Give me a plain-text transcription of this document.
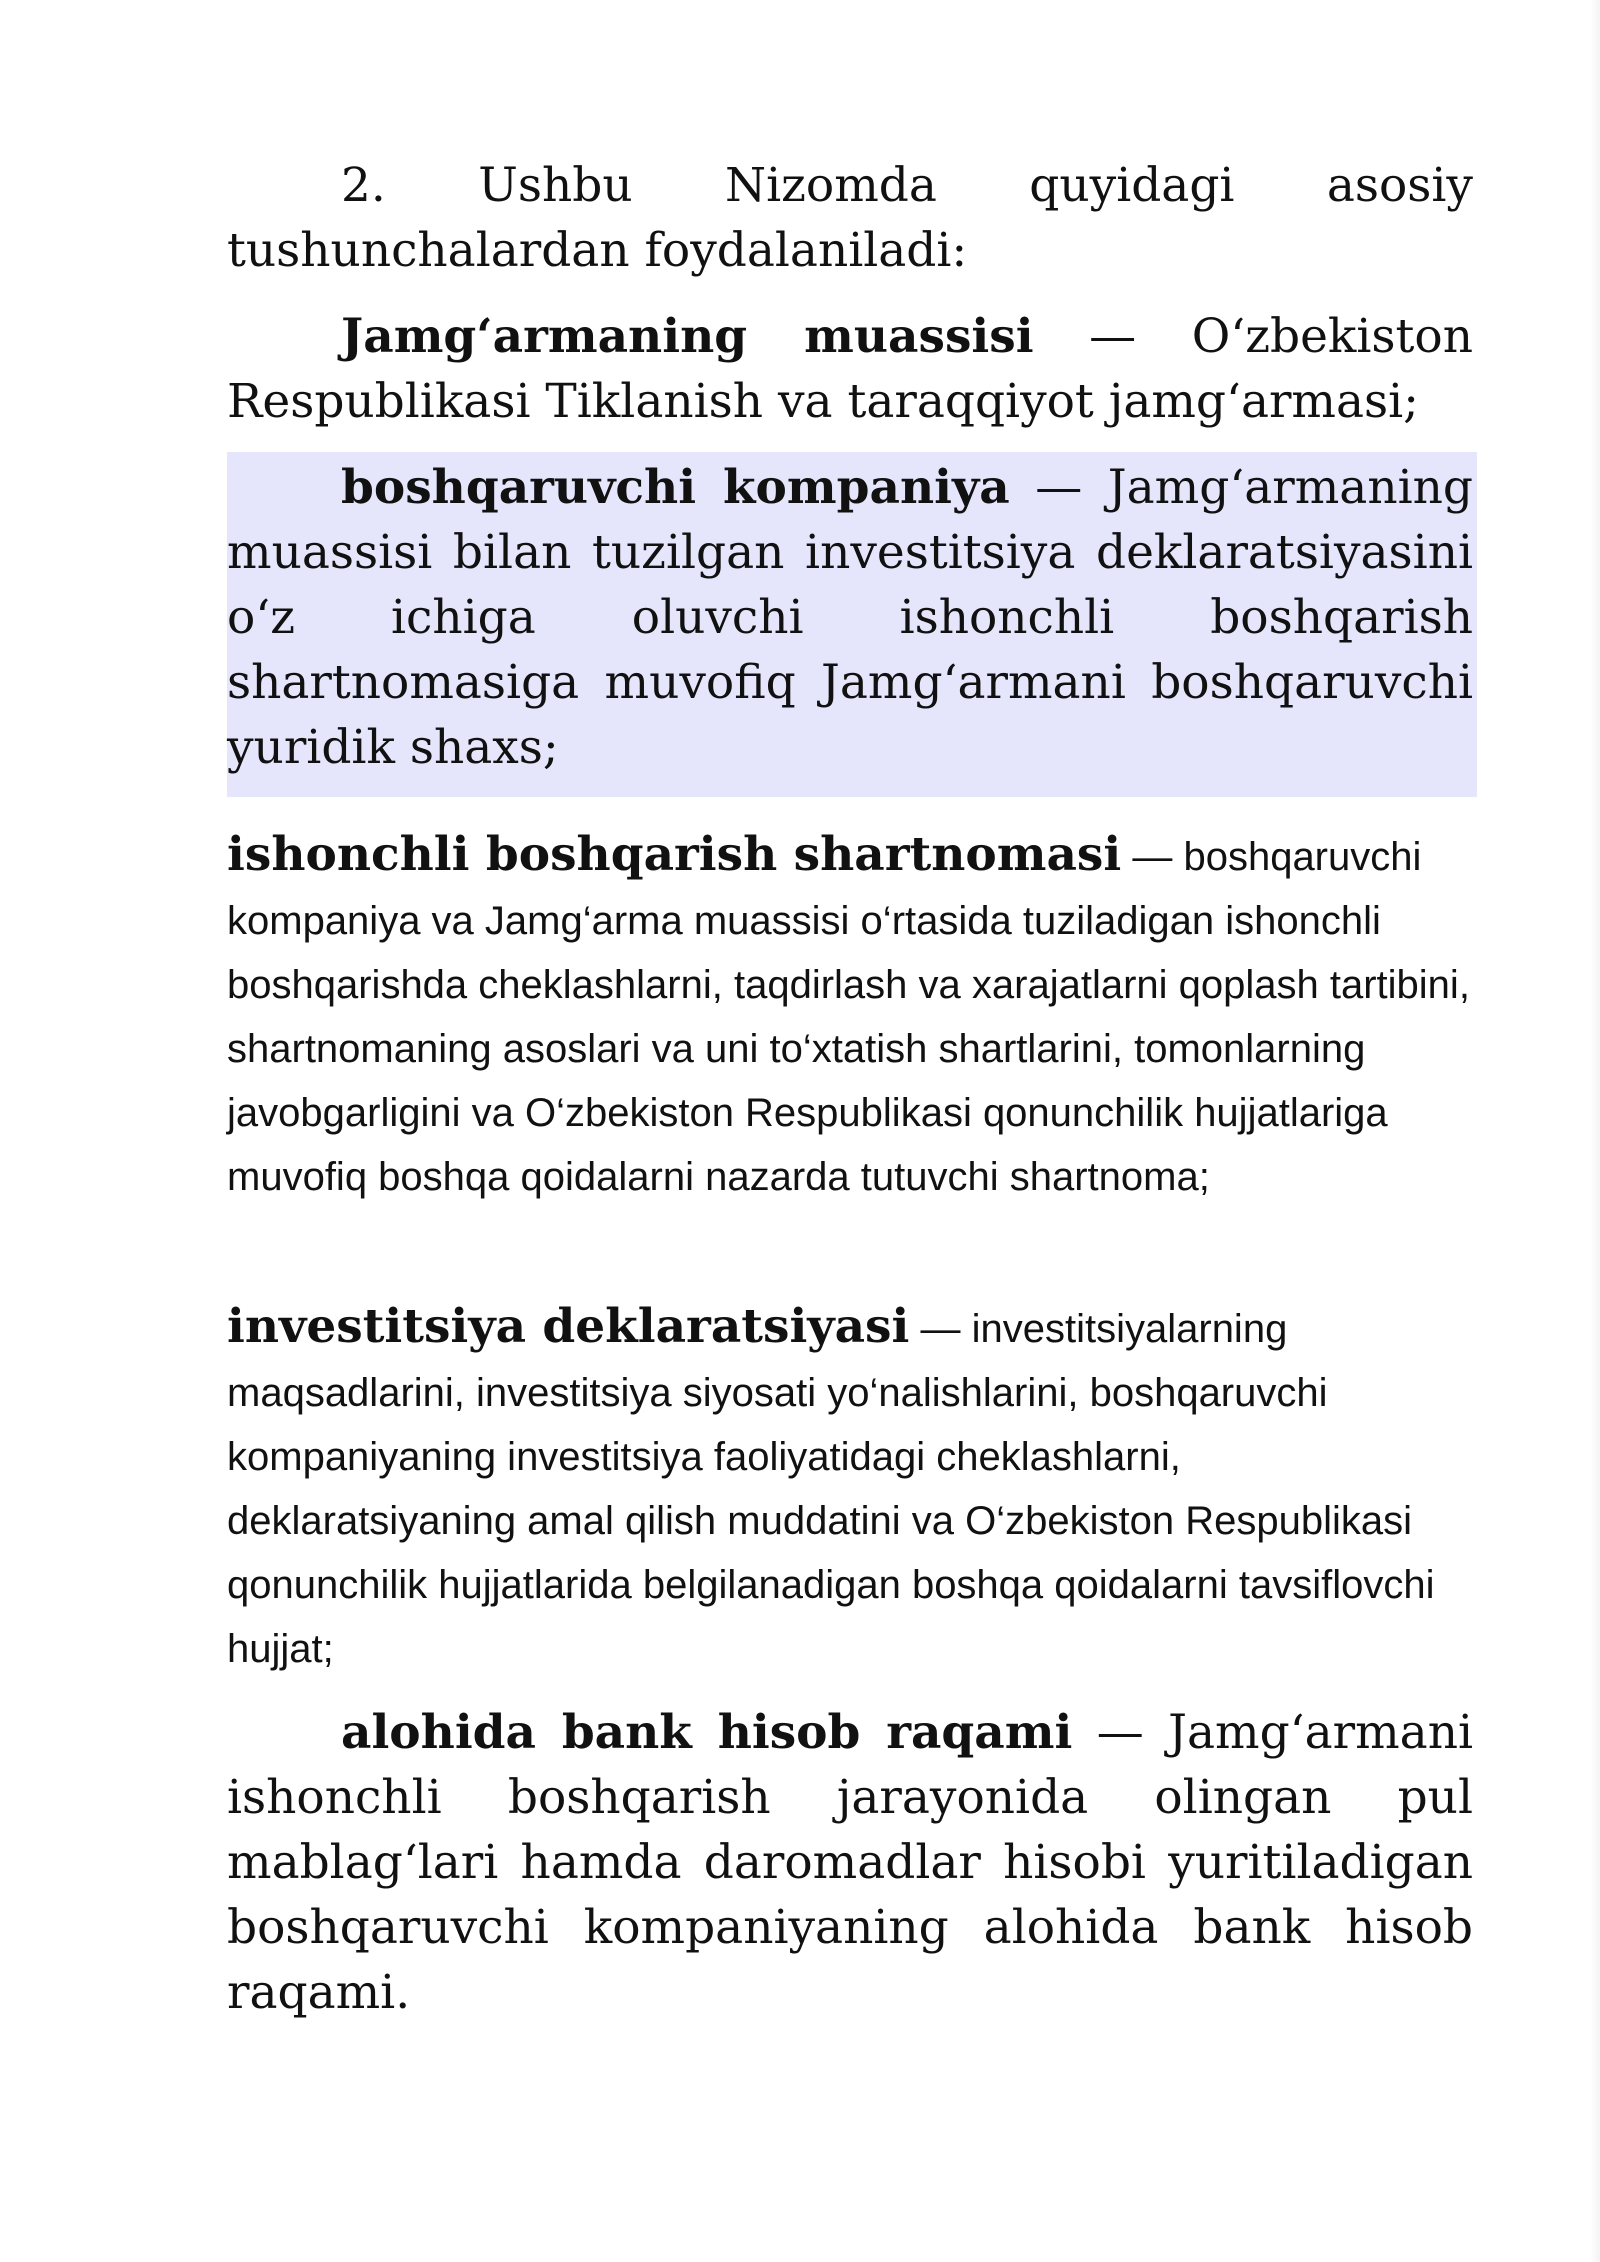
2. Ushbu Nizomda quyidagi asosiy tushunchalardan foydalaniladi:

Jamg‘armaning muassisi — O‘zbekiston Respublikasi Tiklanish va taraqqiyot jamg‘armasi;

boshqaruvchi kompaniya — Jamg‘armaning muassisi bilan tuzilgan investitsiya deklaratsiyasini o‘z ichiga oluvchi ishonchli boshqarish shartnomasiga muvofiq Jamg‘armani boshqaruvchi yuridik shaxs;

ishonchli boshqarish shartnomasi — boshqaruvchi kompaniya va Jamg‘arma muassisi o‘rtasida tuziladigan ishonchli boshqarishda cheklashlarni, taqdirlash va xarajatlarni qoplash tartibini, shartnomaning asoslari va uni to‘xtatish shartlarini, tomonlarning javobgarligini va O‘zbekiston Respublikasi qonunchilik hujjatlariga muvofiq boshqa qoidalarni nazarda tutuvchi shartnoma;

investitsiya deklaratsiyasi — investitsiyalarning maqsadlarini, investitsiya siyosati yo‘nalishlarini, boshqaruvchi kompaniyaning investitsiya faoliyatidagi cheklashlarni, deklaratsiyaning amal qilish muddatini va O‘zbekiston Respublikasi qonunchilik hujjatlarida belgilanadigan boshqa qoidalarni tavsiflovchi hujjat;

alohida bank hisob raqami — Jamg‘armani ishonchli boshqarish jarayonida olingan pul mablag‘lari hamda daromadlar hisobi yuritiladigan boshqaruvchi kompaniyaning alohida bank hisob raqami.
